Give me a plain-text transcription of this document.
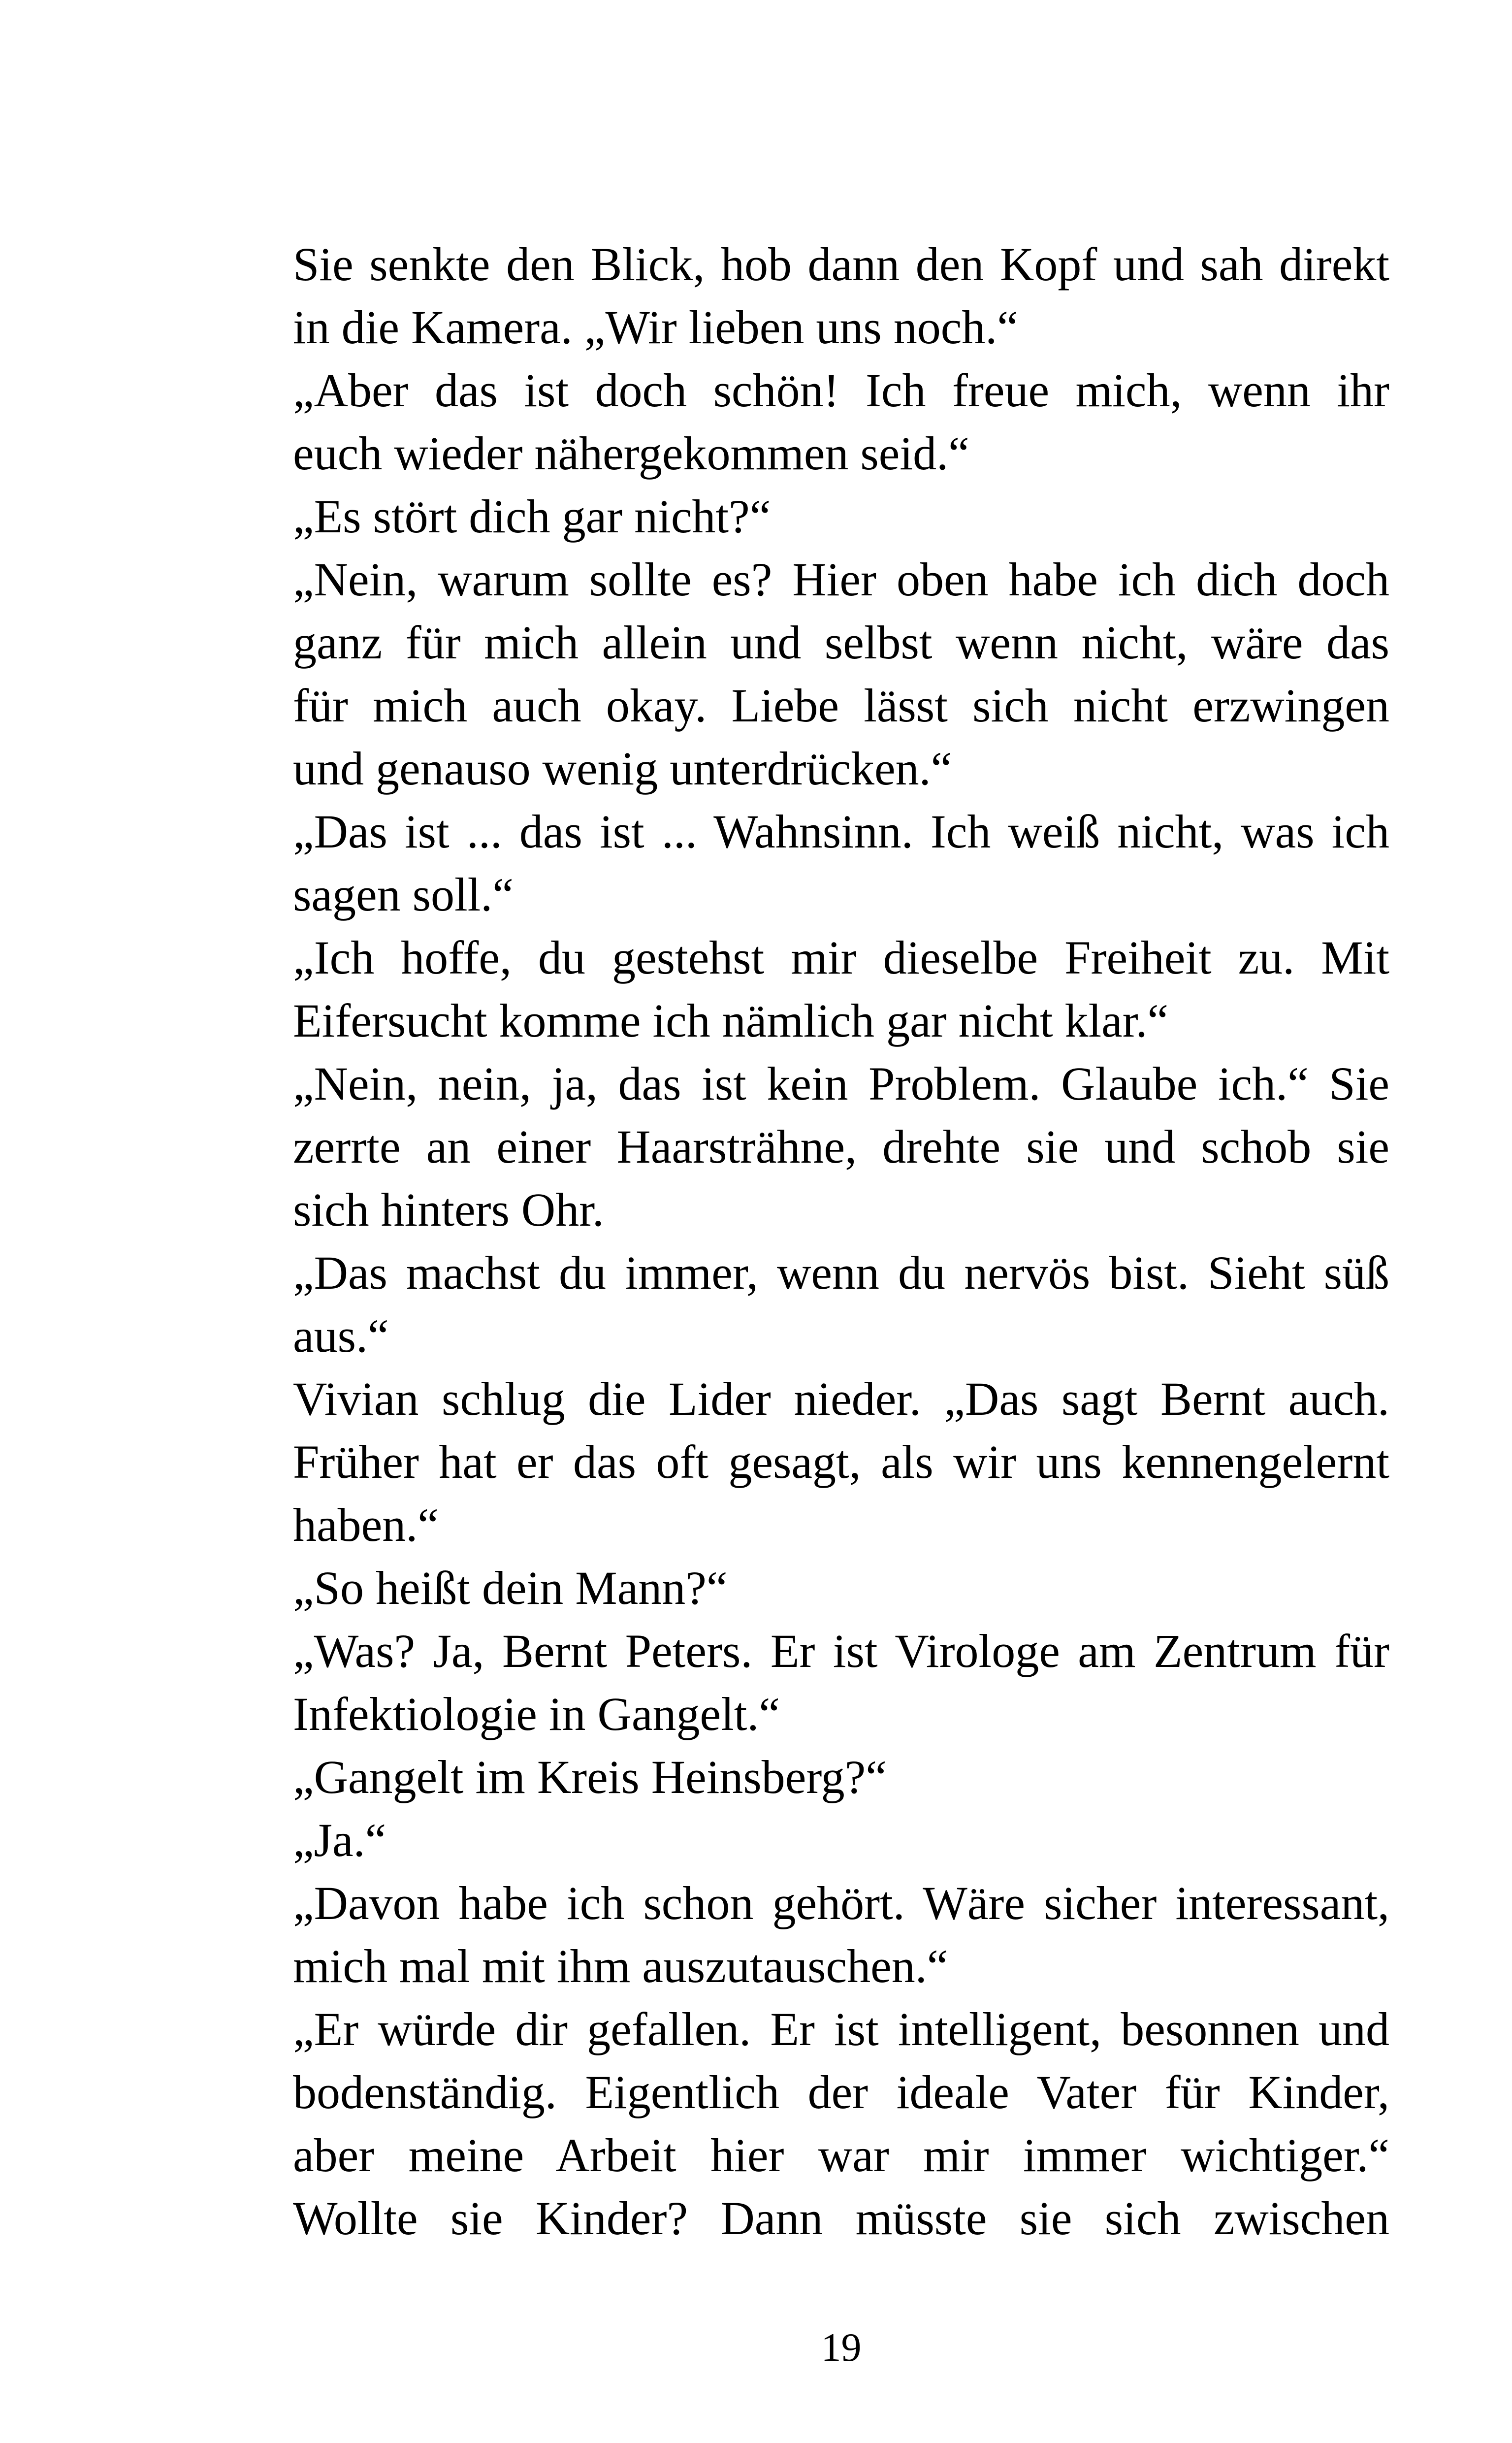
Sie senkte den Blick, hob dann den Kopf und sah direkt
in die Kamera. „Wir lieben uns noch.“
„Aber das ist doch schön! Ich freue mich, wenn ihr
euch wieder nähergekommen seid.“
„Es stört dich gar nicht?“
„Nein, warum sollte es? Hier oben habe ich dich doch
ganz für mich allein und selbst wenn nicht, wäre das
für mich auch okay. Liebe lässt sich nicht erzwingen
und genauso wenig unterdrücken.“
„Das ist ... das ist ... Wahnsinn. Ich weiß nicht, was ich
sagen soll.“
„Ich hoffe, du gestehst mir dieselbe Freiheit zu. Mit
Eifersucht komme ich nämlich gar nicht klar.“
„Nein, nein, ja, das ist kein Problem. Glaube ich.“ Sie
zerrte an einer Haarsträhne, drehte sie und schob sie
sich hinters Ohr.
„Das machst du immer, wenn du nervös bist. Sieht süß
aus.“
Vivian schlug die Lider nieder. „Das sagt Bernt auch.
Früher hat er das oft gesagt, als wir uns kennengelernt
haben.“
„So heißt dein Mann?“
„Was? Ja, Bernt Peters. Er ist Virologe am Zentrum für
Infektiologie in Gangelt.“
„Gangelt im Kreis Heinsberg?“
„Ja.“
„Davon habe ich schon gehört. Wäre sicher interessant,
mich mal mit ihm auszutauschen.“
„Er würde dir gefallen. Er ist intelligent, besonnen und
bodenständig. Eigentlich der ideale Vater für Kinder,
aber meine Arbeit hier war mir immer wichtiger.“
Wollte sie Kinder? Dann müsste sie sich zwischen
19
